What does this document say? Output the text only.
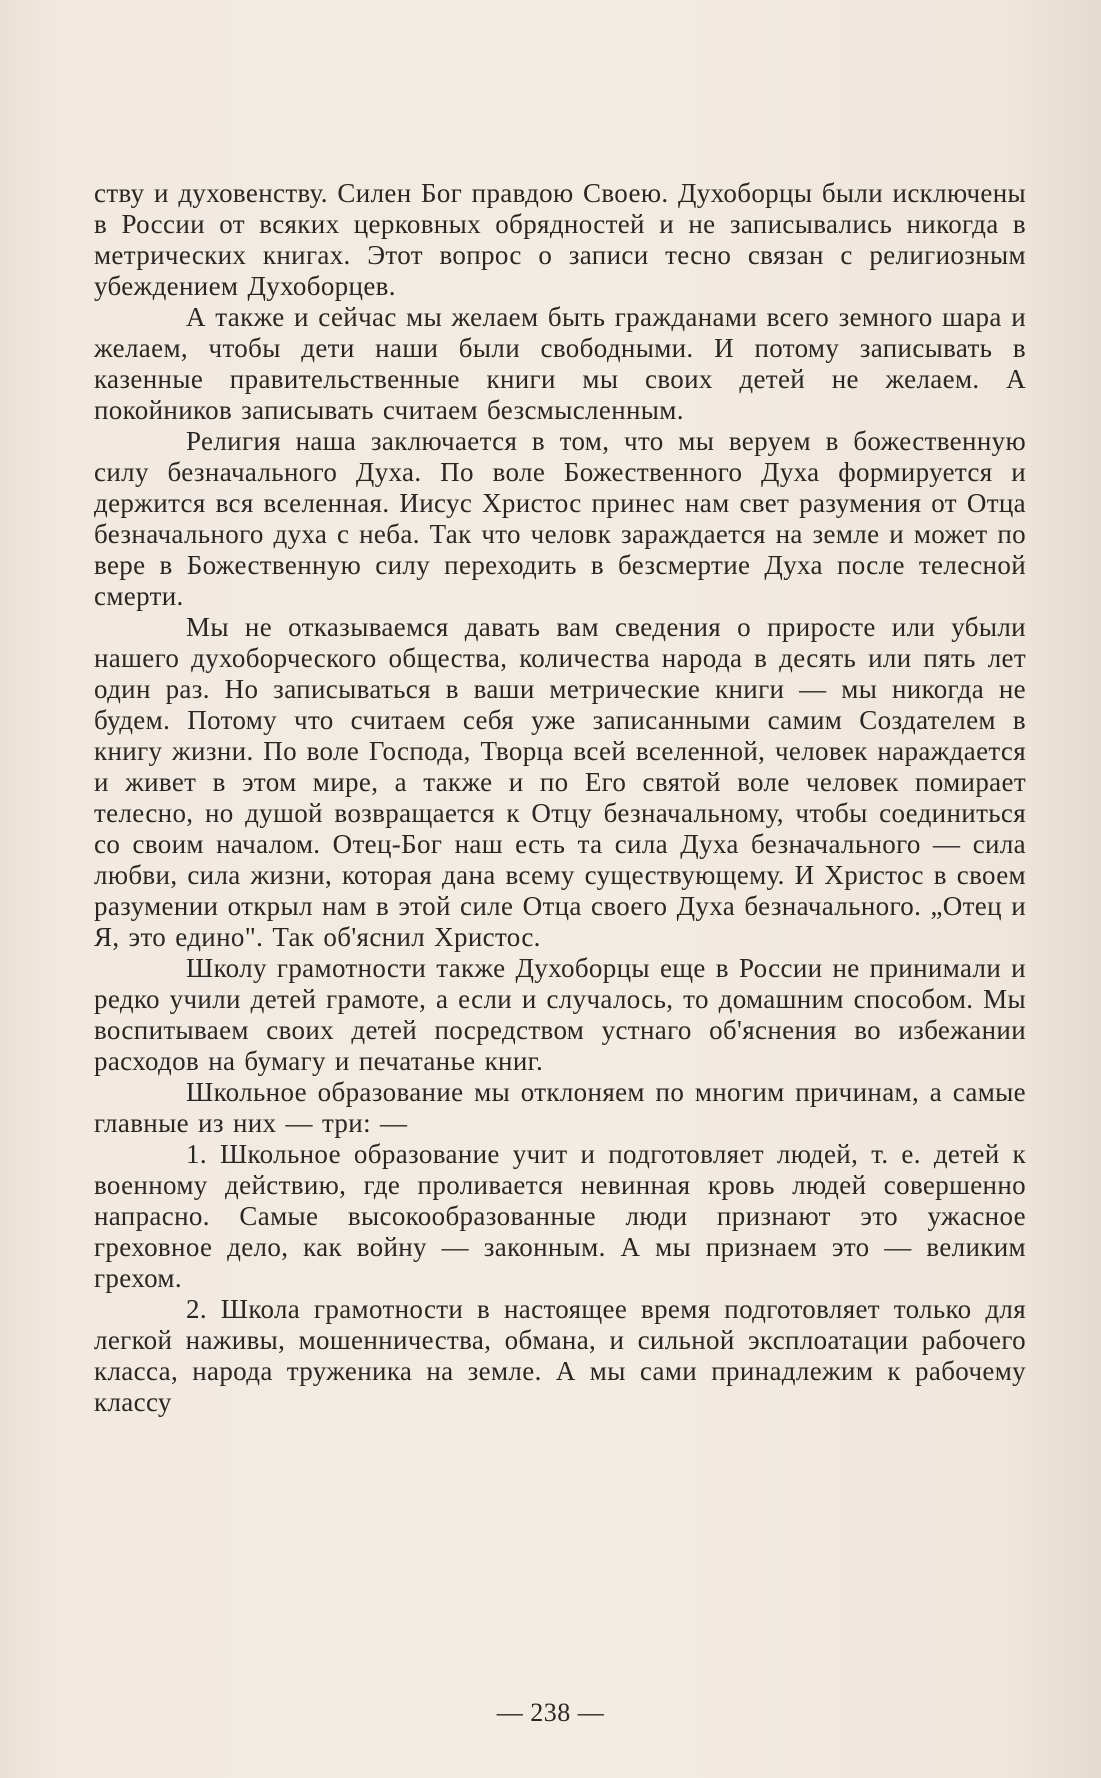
ству и духовенству. Силен Бог правдою Своею. Духоборцы были исключены в России от всяких церковных обрядностей и не записывались никогда в метрических книгах. Этот вопрос о записи тесно связан с религиозным убеждением Духоборцев.

А также и сейчас мы желаем быть гражданами всего земного шара и желаем, чтобы дети наши были свободными. И потому записывать в казенные правительственные книги мы своих детей не желаем. А покойников записывать считаем безсмысленным.

Религия наша заключается в том, что мы веруем в божественную силу безначального Духа. По воле Божественного Духа формируется и держится вся вселенная. Иисус Христос принес нам свет разумения от Отца безначального духа с неба. Так что человк зараждается на земле и может по вере в Божественную силу переходить в безсмертие Духа после телесной смерти.

Мы не отказываемся давать вам сведения о приросте или убыли нашего духоборческого общества, количества народа в десять или пять лет один раз. Но записываться в ваши метрические книги — мы никогда не будем. Потому что считаем себя уже записанными самим Создателем в книгу жизни. По воле Господа, Творца всей вселенной, человек нараждается и живет в этом мире, а также и по Его святой воле человек помирает телесно, но душой возвращается к Отцу безначальному, чтобы соединиться со своим началом. Отец-Бог наш есть та сила Духа безначального — сила любви, сила жизни, которая дана всему существующему. И Христос в своем разумении открыл нам в этой силе Отца своего Духа безначального. „Отец и Я, это едино". Так об'яснил Христос.

Школу грамотности также Духоборцы еще в России не принимали и редко учили детей грамоте, а если и случалось, то домашним способом. Мы воспитываем своих детей посредством устнаго об'яснения во избежании расходов на бумагу и печатанье книг.

Школьное образование мы отклоняем по многим причинам, а самые главные из них — три: —

1. Школьное образование учит и подготовляет людей, т. е. детей к военному действию, где проливается невинная кровь людей совершенно напрасно. Самые высокообразованные люди признают это ужасное греховное дело, как войну — законным. А мы признаем это — великим грехом.

2. Школа грамотности в настоящее время подготовляет только для легкой наживы, мошенничества, обмана, и сильной эксплоатации рабочего класса, народа труженика на земле. А мы сами принадлежим к рабочему классу

— 238 —
